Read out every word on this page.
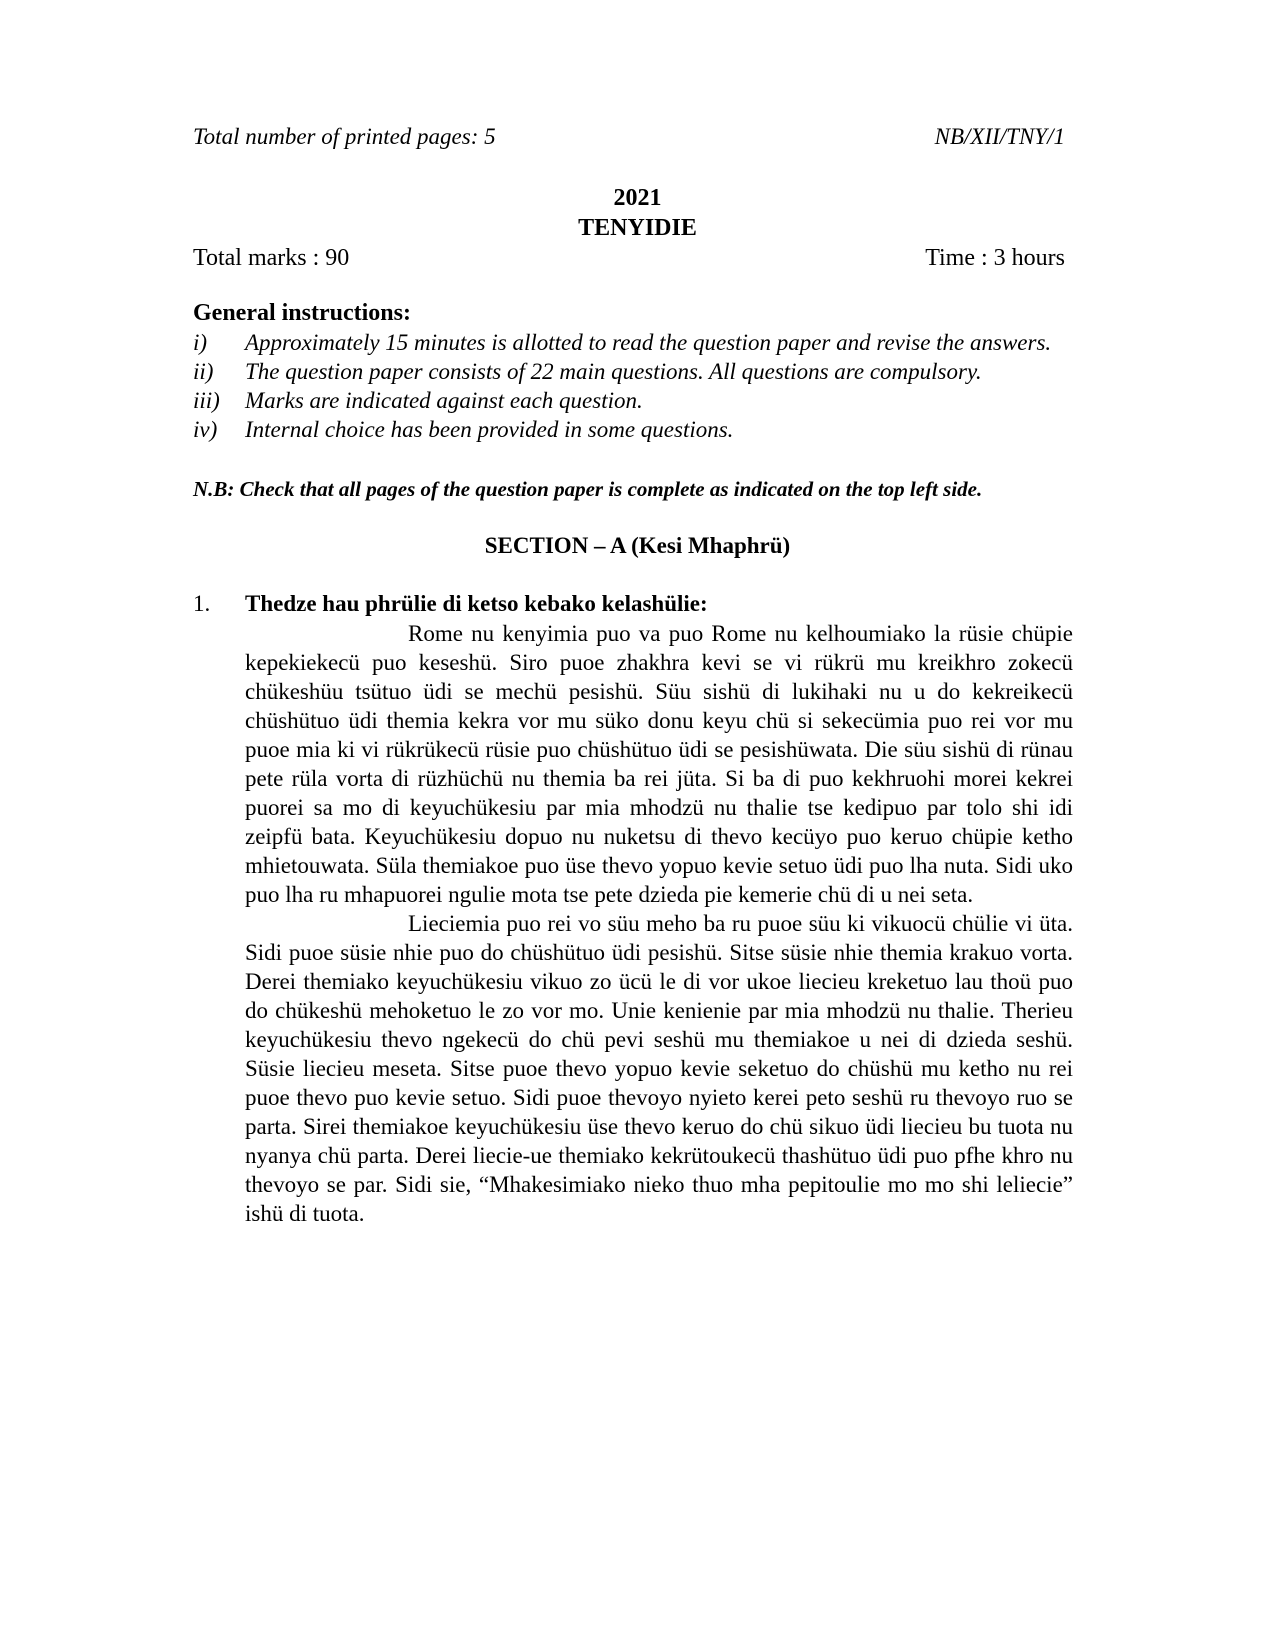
Total number of printed pages: 5	NB/XII/TNY/1
2021
TENYIDIE
Total marks : 90	Time : 3 hours
General instructions:
i)	Approximately 15 minutes is allotted to read the question paper and revise the answers.
ii)	The question paper consists of 22 main questions. All questions are compulsory.
iii)	Marks are indicated against each question.
iv)	Internal choice has been provided in some questions.
N.B: Check that all pages of the question paper is complete as indicated on the top left side.
SECTION – A (Kesi Mhaphrü)
1. Thedze hau phrülie di ketso kebako kelashülie:

Rome nu kenyimia puo va puo Rome nu kelhoumiako la rüsie chüpie kepekiekecü puo keseshü. Siro puoe zhakhra kevi se vi rükrü mu kreikhro zokecü chükeshüu tsütuo üdi se mechü pesishü. Süu sishü di lukihaki nu u do kekreikecü chüshütuo üdi themia kekra vor mu süko donu keyu chü si sekecümia puo rei vor mu puoe mia ki vi rükrükecü rüsie puo chüshütuo üdi se pesishüwata. Die süu sishü di rünau pete rüla vorta di rüzhüchü nu themia ba rei jüta. Si ba di puo kekhruohi morei kekrei puorei sa mo di keyuchükesiu par mia mhodzü nu thalie tse kedipuo par tolo shi idi zeipfü bata. Keyuchükesiu dopuo nu nuketsu di thevo kecüyo puo keruo chüpie ketho mhietouwata. Süla themiakoe puo üse thevo yopuo kevie setuo üdi puo lha nuta. Sidi uko puo lha ru mhapuorei ngulie mota tse pete dzieda pie kemerie chü di u nei seta.

Lieciemia puo rei vo süu meho ba ru puoe süu ki vikuocü chülie vi üta. Sidi puoe süsie nhie puo do chüshütuo üdi pesishü. Sitse süsie nhie themia krakuo vorta. Derei themiako keyuchükesiu vikuo zo ücü le di vor ukoe liecieu kreketuo lau thoü puo do chükeshü mehoketuo le zo vor mo. Unie kenienie par mia mhodzü nu thalie. Therieu keyuchükesiu thevo ngekecü do chü pevi seshü mu themiakoe u nei di dzieda seshü. Süsie liecieu meseta. Sitse puoe thevo yopuo kevie seketuo do chüshü mu ketho nu rei puoe thevo puo kevie setuo. Sidi puoe thevoyo nyieto kerei peto seshü ru thevoyo ruo se parta. Sirei themiakoe keyuchükesiu üse thevo keruo do chü sikuo üdi liecieu bu tuota nu nyanya chü parta. Derei liecie-ue themiako kekrütoukecü thashütuo üdi puo pfhe khro nu thevoyo se par. Sidi sie, “Mhakesimiako nieko thuo mha pepitoulie mo mo shi leliecie” ishü di tuota.
